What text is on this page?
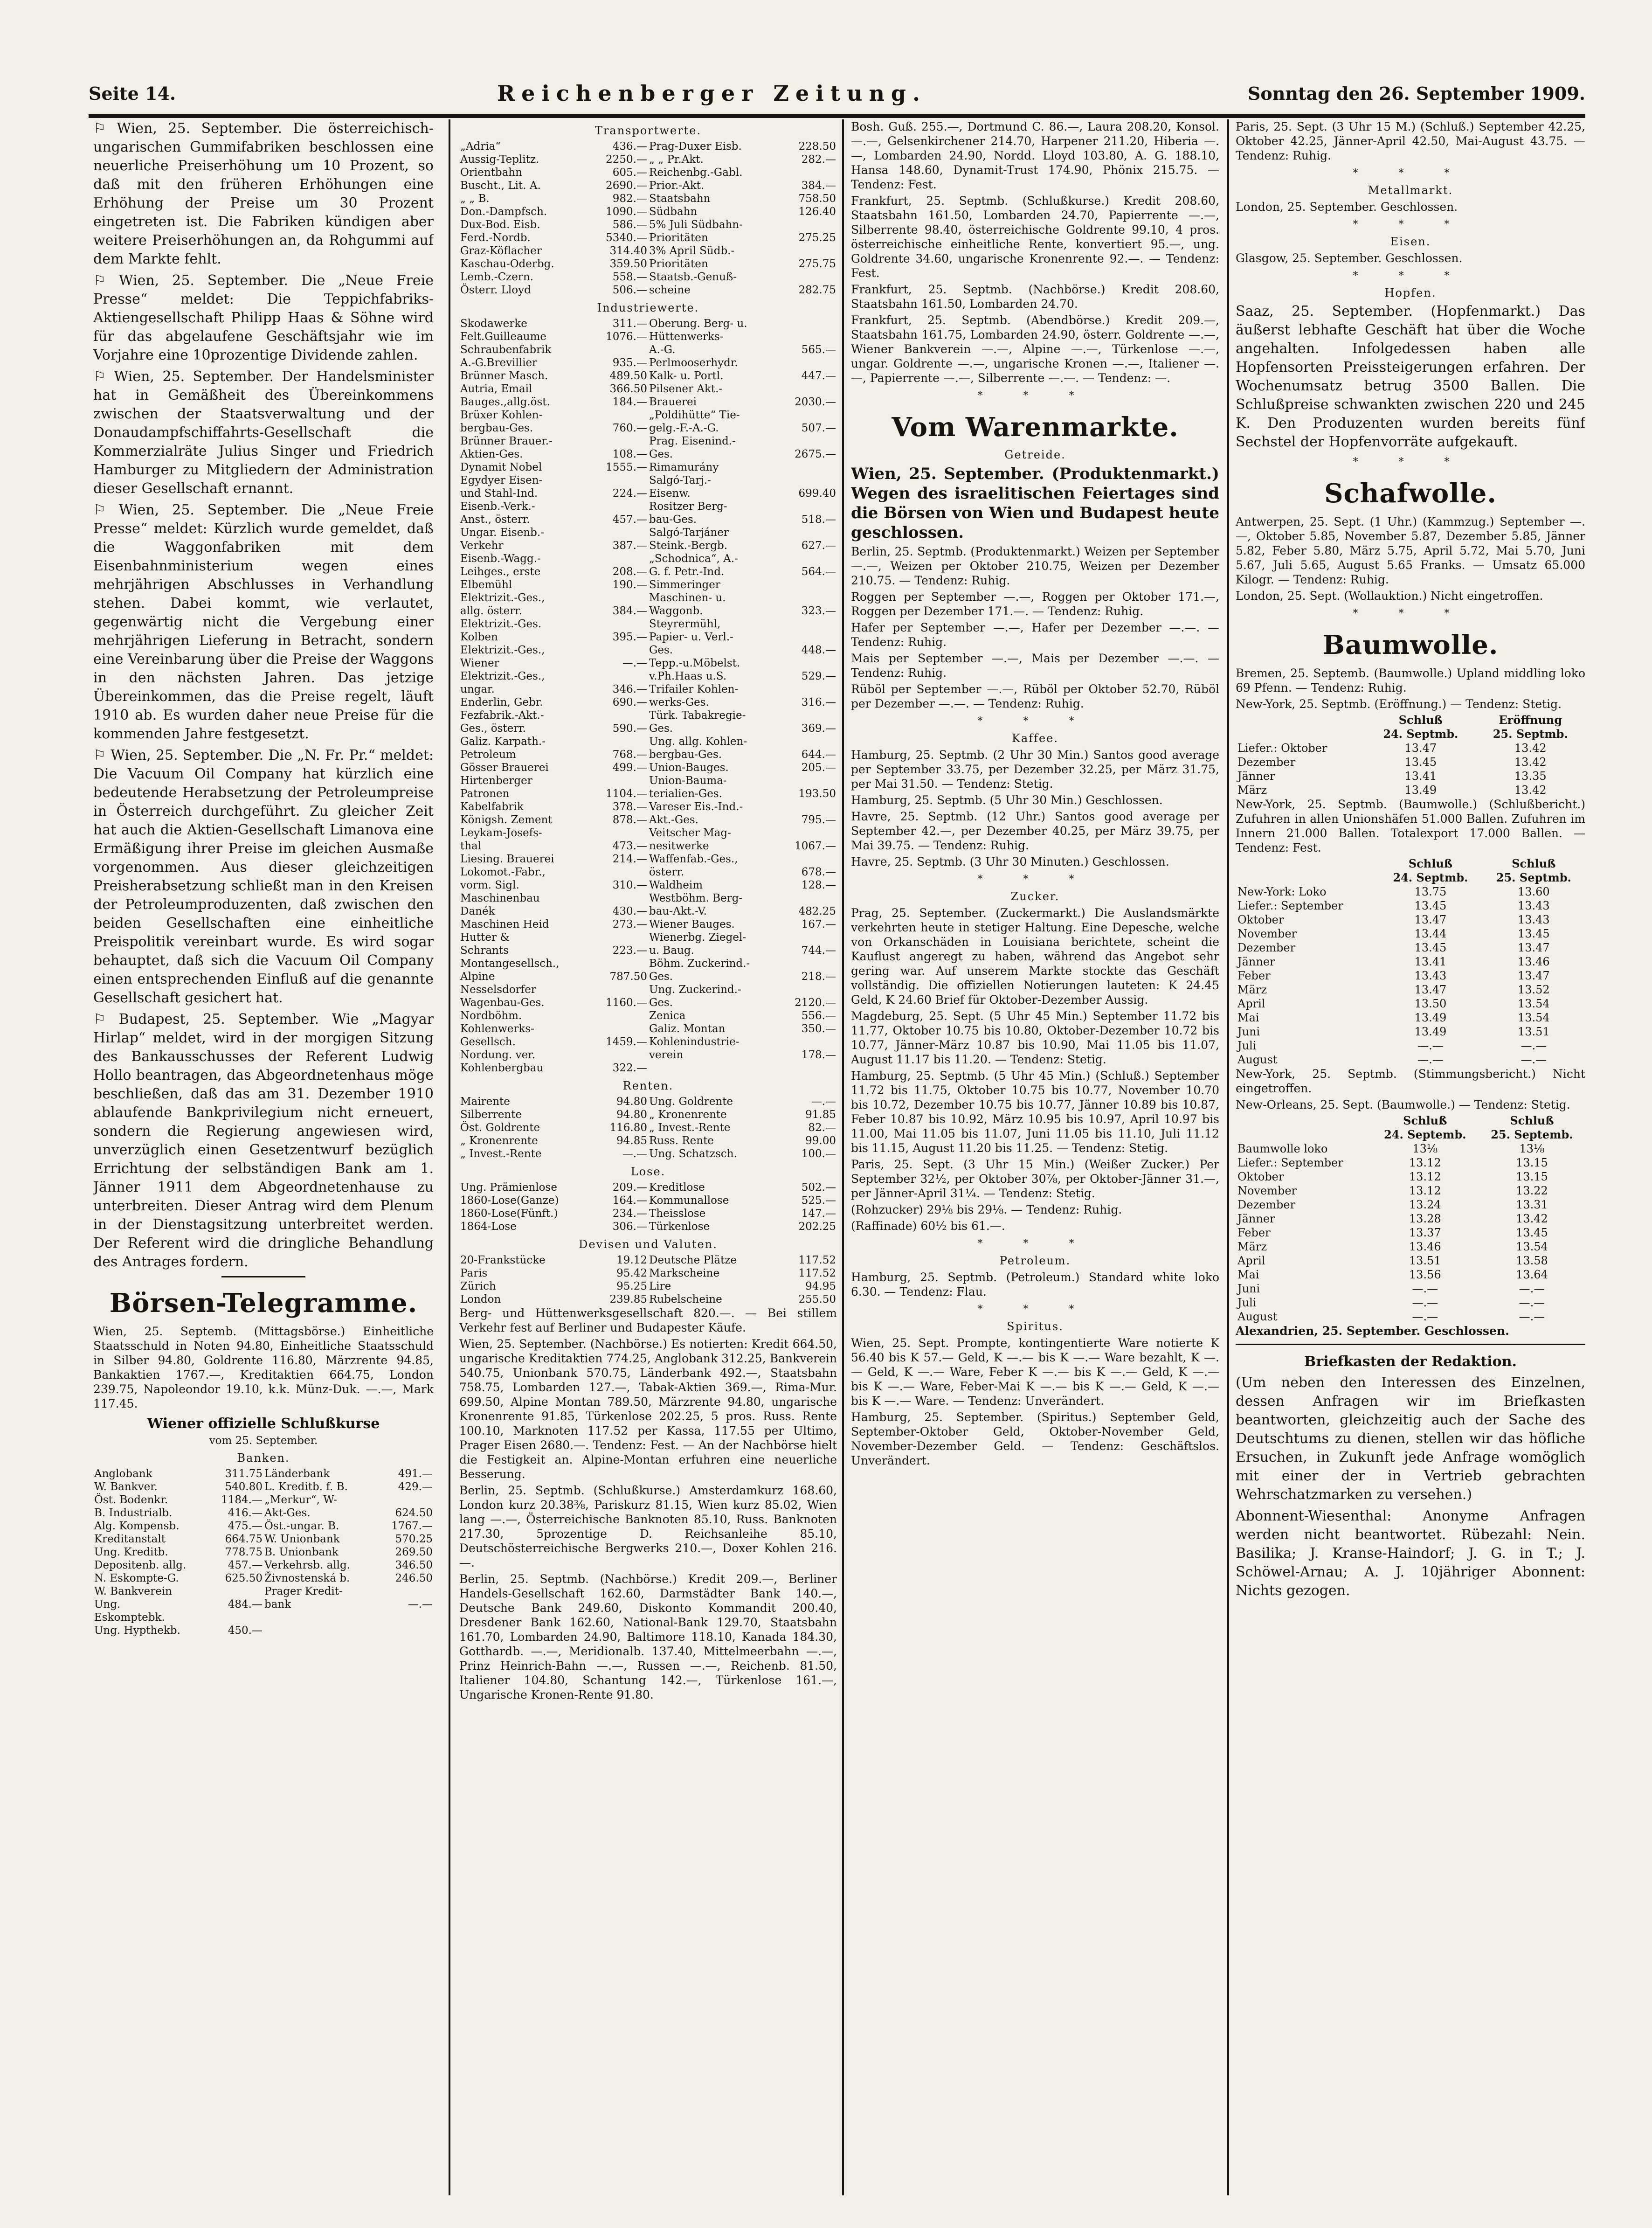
Seite 14.	Reichenberger Zeitung.	Sonntag den 26. September 1909.

⚐ Wien, 25. September. Die österreichisch-ungarischen Gummifabriken beschlossen eine neuerliche Preiserhöhung um 10 Prozent, so daß mit den früheren Erhöhungen eine Erhöhung der Preise um 30 Prozent eingetreten ist. Die Fabriken kündigen aber weitere Preiserhöhungen an, da Rohgummi auf dem Markte fehlt.

⚐ Wien, 25. September. Die „Neue Freie Presse“ meldet: Die Teppichfabriks-Aktiengesellschaft Philipp Haas & Söhne wird für das abgelaufene Geschäftsjahr wie im Vorjahre eine 10prozentige Dividende zahlen.

⚐ Wien, 25. September. Der Handelsminister hat in Gemäßheit des Übereinkommens zwischen der Staatsverwaltung und der Donaudampfschiffahrts-Gesellschaft die Kommerzialräte Julius Singer und Friedrich Hamburger zu Mitgliedern der Administration dieser Gesellschaft ernannt.

⚐ Wien, 25. September. Die „Neue Freie Presse“ meldet: Kürzlich wurde gemeldet, daß die Waggonfabriken mit dem Eisenbahnministerium wegen eines mehrjährigen Abschlusses in Verhandlung stehen. Dabei kommt, wie verlautet, gegenwärtig nicht die Vergebung einer mehrjährigen Lieferung in Betracht, sondern eine Vereinbarung über die Preise der Waggons in den nächsten Jahren. Das jetzige Übereinkommen, das die Preise regelt, läuft 1910 ab. Es wurden daher neue Preise für die kommenden Jahre festgesetzt.

⚐ Wien, 25. September. Die „N. Fr. Pr.“ meldet: Die Vacuum Oil Company hat kürzlich eine bedeutende Herabsetzung der Petroleumpreise in Österreich durchgeführt. Zu gleicher Zeit hat auch die Aktien-Gesellschaft Limanova eine Ermäßigung ihrer Preise im gleichen Ausmaße vorgenommen. Aus dieser gleichzeitigen Preisherabsetzung schließt man in den Kreisen der Petroleumproduzenten, daß zwischen den beiden Gesellschaften eine einheitliche Preispolitik vereinbart wurde. Es wird sogar behauptet, daß sich die Vacuum Oil Company einen entsprechenden Einfluß auf die genannte Gesellschaft gesichert hat.

⚐ Budapest, 25. September. Wie „Magyar Hirlap“ meldet, wird in der morgigen Sitzung des Bankausschusses der Referent Ludwig Hollo beantragen, das Abgeordnetenhaus möge beschließen, daß das am 31. Dezember 1910 ablaufende Bankprivilegium nicht erneuert, sondern die Regierung angewiesen wird, unverzüglich einen Gesetzentwurf bezüglich Errichtung der selbständigen Bank am 1. Jänner 1911 dem Abgeordnetenhause zu unterbreiten. Dieser Antrag wird dem Plenum in der Dienstagsitzung unterbreitet werden. Der Referent wird die dringliche Behandlung des Antrages fordern.

Börsen-Telegramme.

Wien, 25. Septemb. (Mittagsbörse.) Einheitliche Staatsschuld in Noten 94.80, Einheitliche Staatsschuld in Silber 94.80, Goldrente 116.80, Märzrente 94.85, Bankaktien 1767.—, Kreditaktien 664.75, London 239.75, Napoleondor 19.10, k.k. Münz-Duk. —.—, Mark 117.45.

Wiener offizielle Schlußkurse
vom 25. September.
Banken.
Anglobank	311.75	Länderbank	491.—
W. Bankver.	540.80	L. Kreditb. f. B.	429.—
Öst. Bodenkr.	1184.—	„Merkur“, W-	
B. Industrialb.	416.—	Akt-Ges.	624.50
Alg. Kompensb.	475.—	Öst.-ungar. B.	1767.—
Kreditanstalt	664.75	W. Unionbank	570.25
Ung. Kreditb.	778.75	B. Unionbank	269.50
Depositenb. allg.	457.—	Verkehrsb. allg.	346.50
N. Eskompte-G.	625.50	Živnostenská b.	246.50
W. Bankverein		Prager Kredit-	
Ung. Eskomptebk.	484.—	bank	—.—
Ung. Hypthekb.	450.—		
Transportwerte.
„Adria“	436.—	Prag-Duxer Eisb.	228.50
Aussig-Teplitz.	2250.—	„ „ Pr.Akt.	282.—
Orientbahn	605.—	Reichenbg.-Gabl.	
Buscht., Lit. A.	2690.—	Prior.-Akt.	384.—
„ „ B.	982.—	Staatsbahn	758.50
Don.-Dampfsch.	1090.—	Südbahn	126.40
Dux-Bod. Eisb.	586.—	5% Juli Südbahn-	
Ferd.-Nordb.	5340.—	Prioritäten	275.25
Graz-Köflacher	314.40	3% April Südb.-	
Kaschau-Oderbg.	359.50	Prioritäten	275.75
Lemb.-Czern.	558.—	Staatsb.-Genuß-	
Österr. Lloyd	506.—	scheine	282.75
Industriewerte.
Skodawerke	311.—	Oberung. Berg- u.	
Felt.Guilleaume	1076.—	Hüttenwerks-	
Schraubenfabrik		A.-G.	565.—
A.-G.Brevillier	935.—	Perlmooserhydr.	
Brünner Masch.	489.50	Kalk- u. Portl.	447.—
Autria, Email	366.50	Pilsener Akt.-	
Bauges.,allg.öst.	184.—	Brauerei	2030.—
Brüxer Kohlen-		„Poldihütte“ Tie-	
bergbau-Ges.	760.—	gelg.-F.-A.-G.	507.—
Brünner Brauer.-		Prag. Eisenind.-	
Aktien-Ges.	108.—	Ges.	2675.—
Dynamit Nobel	1555.—	Rimamurány	
Egydyer Eisen-		Salgó-Tarj.-	
und Stahl-Ind.	224.—	Eisenw.	699.40
Eisenb.-Verk.-		Rositzer Berg-	
Anst., österr.	457.—	bau-Ges.	518.—
Ungar. Eisenb.-		Salgó-Tarjáner	
Verkehr	387.—	Steink.-Bergb.	627.—
Eisenb.-Wagg.-		„Schodnica“, A.-	
Leihges., erste	208.—	G. f. Petr.-Ind.	564.—
Elbemühl	190.—	Simmeringer	
Elektrizit.-Ges.,		Maschinen- u.	
allg. österr.	384.—	Waggonb.	323.—
Elektrizit.-Ges.		Steyrermühl,	
Kolben	395.—	Papier- u. Verl.-	
Elektrizit.-Ges.,		Ges.	448.—
Wiener	—.—	Tepp.-u.Möbelst.	
Elektrizit.-Ges.,		v.Ph.Haas u.S.	529.—
ungar.	346.—	Trifailer Kohlen-	
Enderlin, Gebr.	690.—	werks-Ges.	316.—
Fezfabrik.-Akt.-		Türk. Tabakregie-	
Ges., österr.	590.—	Ges.	369.—
Galiz. Karpath.-		Ung. allg. Kohlen-	
Petroleum	768.—	bergbau-Ges.	644.—
Gösser Brauerei	499.—	Union-Bauges.	205.—
Hirtenberger		Union-Bauma-	
Patronen	1104.—	terialien-Ges.	193.50
Kabelfabrik	378.—	Vareser Eis.-Ind.-	
Königsh. Zement	878.—	Akt.-Ges.	795.—
Leykam-Josefs-		Veitscher Mag-	
thal	473.—	nesitwerke	1067.—
Liesing. Brauerei	214.—	Waffenfab.-Ges.,	
Lokomot.-Fabr.,		österr.	678.—
vorm. Sigl.	310.—	Waldheim	128.—
Maschinenbau		Westböhm. Berg-	
Danék	430.—	bau-Akt.-V.	482.25
Maschinen Heid	273.—	Wiener Bauges.	167.—
Hutter &		Wienerbg. Ziegel-	
Schrants	223.—	u. Baug.	744.—
Montangesellsch.,		Böhm. Zuckerind.-	
Alpine	787.50	Ges.	218.—
Nesselsdorfer		Ung. Zuckerind.-	
Wagenbau-Ges.	1160.—	Ges.	2120.—
Nordböhm.		Zenica	556.—
Kohlenwerks-		Galiz. Montan	350.—
Gesellsch.	1459.—	Kohlenindustrie-	
Nordung. ver.		verein	178.—
Kohlenbergbau	322.—		
Renten.
Mairente	94.80	Ung. Goldrente	—.—
Silberrente	94.80	„ Kronenrente	91.85
Öst. Goldrente	116.80	„ Invest.-Rente	82.—
„ Kronenrente	94.85	Russ. Rente	99.00
„ Invest.-Rente	—.—	Ung. Schatzsch.	100.—
Lose.
Ung. Prämienlose	209.—	Kreditlose	502.—
1860-Lose(Ganze)	164.—	Kommunallose	525.—
1860-Lose(Fünft.)	234.—	Theisslose	147.—
1864-Lose	306.—	Türkenlose	202.25
Devisen und Valuten.
20-Frankstücke	19.12	Deutsche Plätze	117.52
Paris	95.42	Markscheine	117.52
Zürich	95.25	Lire	94.95
London	239.85	Rubelscheine	255.50

Berg- und Hüttenwerksgesellschaft 820.—. — Bei stillem Verkehr fest auf Berliner und Budapester Käufe.

Wien, 25. September. (Nachbörse.) Es notierten: Kredit 664.50, ungarische Kreditaktien 774.25, Anglobank 312.25, Bankverein 540.75, Unionbank 570.75, Länderbank 492.—, Staatsbahn 758.75, Lombarden 127.—, Tabak-Aktien 369.—, Rima-Mur. 699.50, Alpine Montan 789.50, Märzrente 94.80, ungarische Kronenrente 91.85, Türkenlose 202.25, 5 pros. Russ. Rente 100.10, Marknoten 117.52 per Kassa, 117.55 per Ultimo, Prager Eisen 2680.—. Tendenz: Fest. — An der Nachbörse hielt die Festigkeit an. Alpine-Montan erfuhren eine neuerliche Besserung.

Berlin, 25. Septmb. (Schlußkurse.) Amsterdamkurz 168.60, London kurz 20.38⅜, Pariskurz 81.15, Wien kurz 85.02, Wien lang —.—, Österreichische Banknoten 85.10, Russ. Banknoten 217.30, 5prozentige D. Reichsanleihe 85.10, Deutschösterreichische Bergwerks 210.—, Doxer Kohlen 216.—.

Berlin, 25. Septmb. (Nachbörse.) Kredit 209.—, Berliner Handels-Gesellschaft 162.60, Darmstädter Bank 140.—, Deutsche Bank 249.60, Diskonto Kommandit 200.40, Dresdener Bank 162.60, National-Bank 129.70, Staatsbahn 161.70, Lombarden 24.90, Baltimore 118.10, Kanada 184.30, Gotthardb. —.—, Meridionalb. 137.40, Mittelmeerbahn —.—, Prinz Heinrich-Bahn —.—, Russen —.—, Reichenb. 81.50, Italiener 104.80, Schantung 142.—, Türkenlose 161.—, Ungarische Kronen-Rente 91.80.

Bosh. Guß. 255.—, Dortmund C. 86.—, Laura 208.20, Konsol. —.—, Gelsenkirchener 214.70, Harpener 211.20, Hiberia —.—, Lombarden 24.90, Nordd. Lloyd 103.80, A. G. 188.10, Hansa 148.60, Dynamit-Trust 174.90, Phönix 215.75. — Tendenz: Fest.

Frankfurt, 25. Septmb. (Schlußkurse.) Kredit 208.60, Staatsbahn 161.50, Lombarden 24.70, Papierrente —.—, Silberrente 98.40, österreichische Goldrente 99.10, 4 pros. österreichische einheitliche Rente, konvertiert 95.—, ung. Goldrente 34.60, ungarische Kronenrente 92.—. — Tendenz: Fest.

Frankfurt, 25. Septmb. (Nachbörse.) Kredit 208.60, Staatsbahn 161.50, Lombarden 24.70.

Frankfurt, 25. Septmb. (Abendbörse.) Kredit 209.—, Staatsbahn 161.75, Lombarden 24.90, österr. Goldrente —.—, Wiener Bankverein —.—, Alpine —.—, Türkenlose —.—, ungar. Goldrente —.—, ungarische Kronen —.—, Italiener —.—, Papierrente —.—, Silberrente —.—. — Tendenz: —.

* * *
Vom Warenmarkte.
Getreide.

Wien, 25. September. (Produktenmarkt.) Wegen des israelitischen Feiertages sind die Börsen von Wien und Budapest heute geschlossen.

Berlin, 25. Septmb. (Produktenmarkt.) Weizen per September —.—, Weizen per Oktober 210.75, Weizen per Dezember 210.75. — Tendenz: Ruhig.

Roggen per September —.—, Roggen per Oktober 171.—, Roggen per Dezember 171.—. — Tendenz: Ruhig.

Hafer per September —.—, Hafer per Dezember —.—. — Tendenz: Ruhig.

Mais per September —.—, Mais per Dezember —.—. — Tendenz: Ruhig.

Rüböl per September —.—, Rüböl per Oktober 52.70, Rüböl per Dezember —.—. — Tendenz: Ruhig.

* * *
Kaffee.

Hamburg, 25. Septmb. (2 Uhr 30 Min.) Santos good average per September 33.75, per Dezember 32.25, per März 31.75, per Mai 31.50. — Tendenz: Stetig.

Hamburg, 25. Septmb. (5 Uhr 30 Min.) Geschlossen.

Havre, 25. Septmb. (12 Uhr.) Santos good average per September 42.—, per Dezember 40.25, per März 39.75, per Mai 39.75. — Tendenz: Ruhig.

Havre, 25. Septmb. (3 Uhr 30 Minuten.) Geschlossen.

* * *
Zucker.

Prag, 25. September. (Zuckermarkt.) Die Auslandsmärkte verkehrten heute in stetiger Haltung. Eine Depesche, welche von Orkanschäden in Louisiana berichtete, scheint die Kauflust angeregt zu haben, während das Angebot sehr gering war. Auf unserem Markte stockte das Geschäft vollständig. Die offiziellen Notierungen lauteten: K 24.45 Geld, K 24.60 Brief für Oktober-Dezember Aussig.

Magdeburg, 25. Sept. (5 Uhr 45 Min.) September 11.72 bis 11.77, Oktober 10.75 bis 10.80, Oktober-Dezember 10.72 bis 10.77, Jänner-März 10.87 bis 10.90, Mai 11.05 bis 11.07, August 11.17 bis 11.20. — Tendenz: Stetig.

Hamburg, 25. Septmb. (5 Uhr 45 Min.) (Schluß.) September 11.72 bis 11.75, Oktober 10.75 bis 10.77, November 10.70 bis 10.72, Dezember 10.75 bis 10.77, Jänner 10.89 bis 10.87, Feber 10.87 bis 10.92, März 10.95 bis 10.97, April 10.97 bis 11.00, Mai 11.05 bis 11.07, Juni 11.05 bis 11.10, Juli 11.12 bis 11.15, August 11.20 bis 11.25. — Tendenz: Stetig.

Paris, 25. Sept. (3 Uhr 15 Min.) (Weißer Zucker.) Per September 32½, per Oktober 30⅞, per Oktober-Jänner 31.—, per Jänner-April 31¼. — Tendenz: Stetig.

(Rohzucker) 29⅛ bis 29⅛. — Tendenz: Ruhig.

(Raffinade) 60½ bis 61.—.

* * *
Petroleum.

Hamburg, 25. Septmb. (Petroleum.) Standard white loko 6.30. — Tendenz: Flau.

* * *
Spiritus.

Wien, 25. Sept. Prompte, kontingentierte Ware notierte K 56.40 bis K 57.— Geld, K —.— bis K —.— Ware bezahlt, K —.— Geld, K —.— Ware, Feber K —.— bis K —.— Geld, K —.— bis K —.— Ware, Feber-Mai K —.— bis K —.— Geld, K —.— bis K —.— Ware. — Tendenz: Unverändert.

Hamburg, 25. September. (Spiritus.) September Geld, September-Oktober Geld, Oktober-November Geld, November-Dezember Geld. — Tendenz: Geschäftslos. Unverändert.

Paris, 25. Sept. (3 Uhr 15 M.) (Schluß.) September 42.25, Oktober 42.25, Jänner-April 42.50, Mai-August 43.75. — Tendenz: Ruhig.

* * *
Metallmarkt.

London, 25. September. Geschlossen.

* * *
Eisen.

Glasgow, 25. September. Geschlossen.

* * *
Hopfen.

Saaz, 25. September. (Hopfenmarkt.) Das äußerst lebhafte Geschäft hat über die Woche angehalten. Infolgedessen haben alle Hopfensorten Preissteigerungen erfahren. Der Wochenumsatz betrug 3500 Ballen. Die Schlußpreise schwankten zwischen 220 und 245 K. Den Produzenten wurden bereits fünf Sechstel der Hopfenvorräte aufgekauft.

* * *
Schafwolle.

Antwerpen, 25. Sept. (1 Uhr.) (Kammzug.) September —.—, Oktober 5.85, November 5.87, Dezember 5.85, Jänner 5.82, Feber 5.80, März 5.75, April 5.72, Mai 5.70, Juni 5.67, Juli 5.65, August 5.65 Franks. — Umsatz 65.000 Kilogr. — Tendenz: Ruhig.

London, 25. Sept. (Wollauktion.) Nicht eingetroffen.

* * *
Baumwolle.

Bremen, 25. Septemb. (Baumwolle.) Upland middling loko 69 Pfenn. — Tendenz: Ruhig.

New-York, 25. Septmb. (Eröffnung.) — Tendenz: Stetig.

	Schluß	Eröffnung
	24. Septmb.	25. Septmb.
Liefer.: Oktober	13.47	13.42
Dezember	13.45	13.42
Jänner	13.41	13.35
März	13.49	13.42

New-York, 25. Septmb. (Baumwolle.) (Schlußbericht.) Zufuhren in allen Unionshäfen 51.000 Ballen. Zufuhren im Innern 21.000 Ballen. Totalexport 17.000 Ballen. — Tendenz: Fest.

	Schluß	Schluß
	24. Septmb.	25. Septmb.
New-York: Loko	13.75	13.60
Liefer.: September	13.45	13.43
Oktober	13.47	13.43
November	13.44	13.45
Dezember	13.45	13.47
Jänner	13.41	13.46
Feber	13.43	13.47
März	13.47	13.52
April	13.50	13.54
Mai	13.49	13.54
Juni	13.49	13.51
Juli	—.—	—.—
August	—.—	—.—

New-York, 25. Septmb. (Stimmungsbericht.) Nicht eingetroffen.

New-Orleans, 25. Sept. (Baumwolle.) — Tendenz: Stetig.

	Schluß	Schluß
	24. Septemb.	25. Septemb.
Baumwolle loko	13⅛	13⅛
Liefer.: September	13.12	13.15
Oktober	13.12	13.15
November	13.12	13.22
Dezember	13.24	13.31
Jänner	13.28	13.42
Feber	13.37	13.45
März	13.46	13.54
April	13.51	13.58
Mai	13.56	13.64
Juni	—.—	—.—
Juli	—.—	—.—
August	—.—	—.—

Alexandrien, 25. September. Geschlossen.

Briefkasten der Redaktion.

(Um neben den Interessen des Einzelnen, dessen Anfragen wir im Briefkasten beantworten, gleichzeitig auch der Sache des Deutschtums zu dienen, stellen wir das höfliche Ersuchen, in Zukunft jede Anfrage womöglich mit einer der in Vertrieb gebrachten Wehrschatzmarken zu versehen.)

Abonnent-Wiesenthal: Anonyme Anfragen werden nicht beantwortet. Rübezahl: Nein. Basilika; J. Kranse-Haindorf; J. G. in T.; J. Schöwel-Arnau; A. J. 10jähriger Abonnent: Nichts gezogen.
